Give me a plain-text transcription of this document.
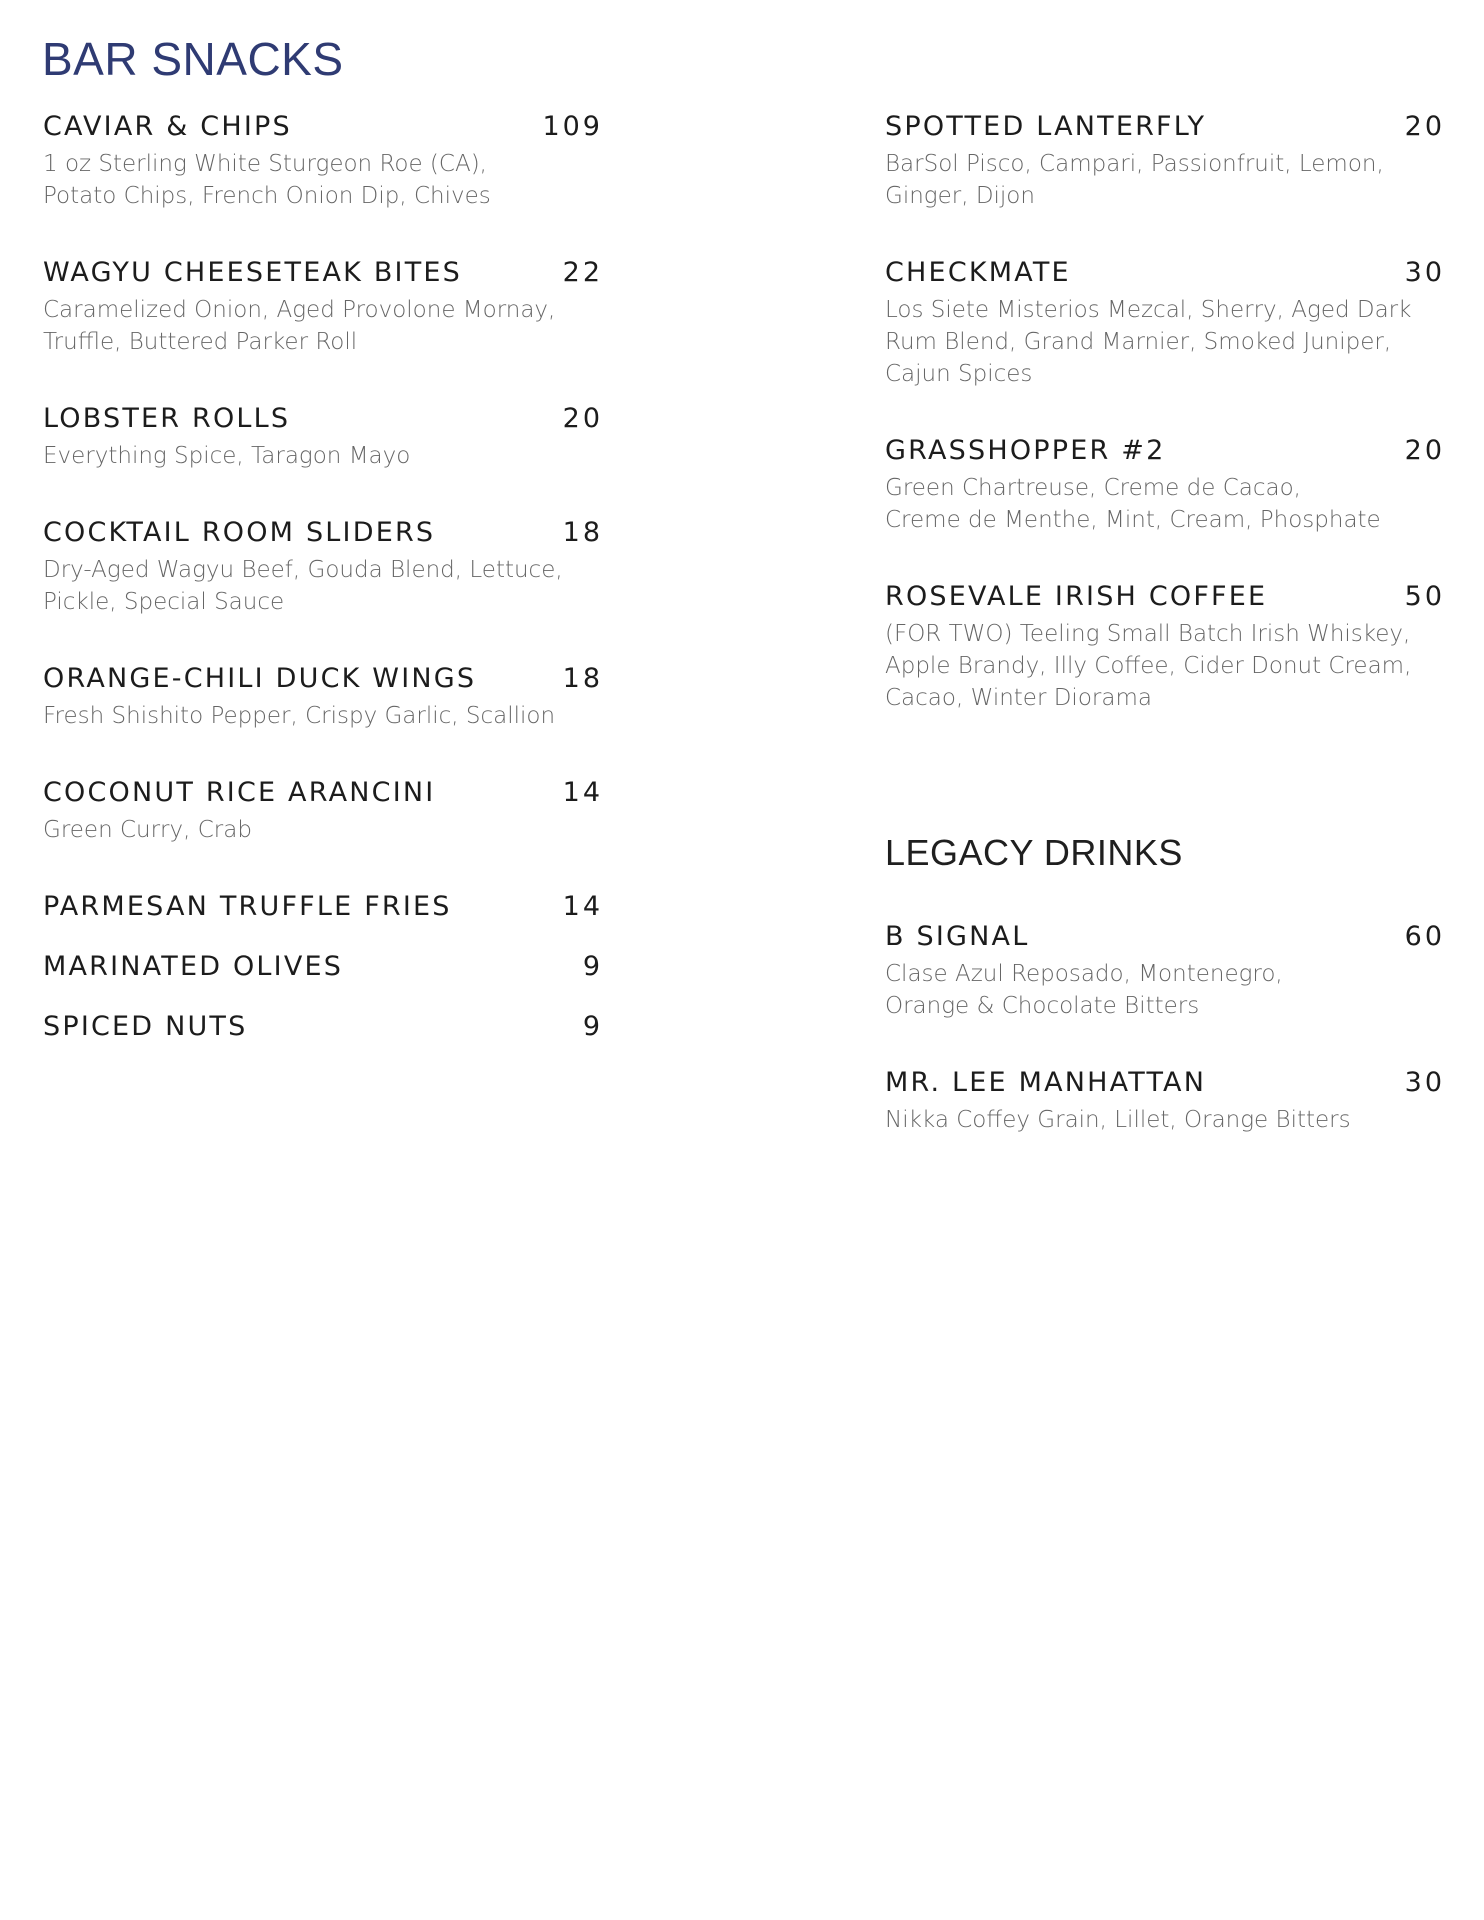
BAR SNACKS
CAVIAR & CHIPS	109
1 oz Sterling White Sturgeon Roe (CA),
Potato Chips, French Onion Dip, Chives
WAGYU CHEESETEAK BITES	22
Caramelized Onion, Aged Provolone Mornay,
Truffle, Buttered Parker Roll
LOBSTER ROLLS	20
Everything Spice, Taragon Mayo
COCKTAIL ROOM SLIDERS	18
Dry-Aged Wagyu Beef, Gouda Blend, Lettuce,
Pickle, Special Sauce
ORANGE-CHILI DUCK WINGS	18
Fresh Shishito Pepper, Crispy Garlic, Scallion
COCONUT RICE ARANCINI	14
Green Curry, Crab
PARMESAN TRUFFLE FRIES	14
MARINATED OLIVES	9
SPICED NUTS	9
SPOTTED LANTERFLY	20
BarSol Pisco, Campari, Passionfruit, Lemon,
Ginger, Dijon
CHECKMATE	30
Los Siete Misterios Mezcal, Sherry, Aged Dark
Rum Blend, Grand Marnier, Smoked Juniper,
Cajun Spices
GRASSHOPPER #2	20
Green Chartreuse, Creme de Cacao,
Creme de Menthe, Mint, Cream, Phosphate
ROSEVALE IRISH COFFEE	50
(FOR TWO) Teeling Small Batch Irish Whiskey,
Apple Brandy, Illy Coffee, Cider Donut Cream,
Cacao, Winter Diorama
LEGACY DRINKS
B SIGNAL	60
Clase Azul Reposado, Montenegro,
Orange & Chocolate Bitters
MR. LEE MANHATTAN	30
Nikka Coffey Grain, Lillet, Orange Bitters
